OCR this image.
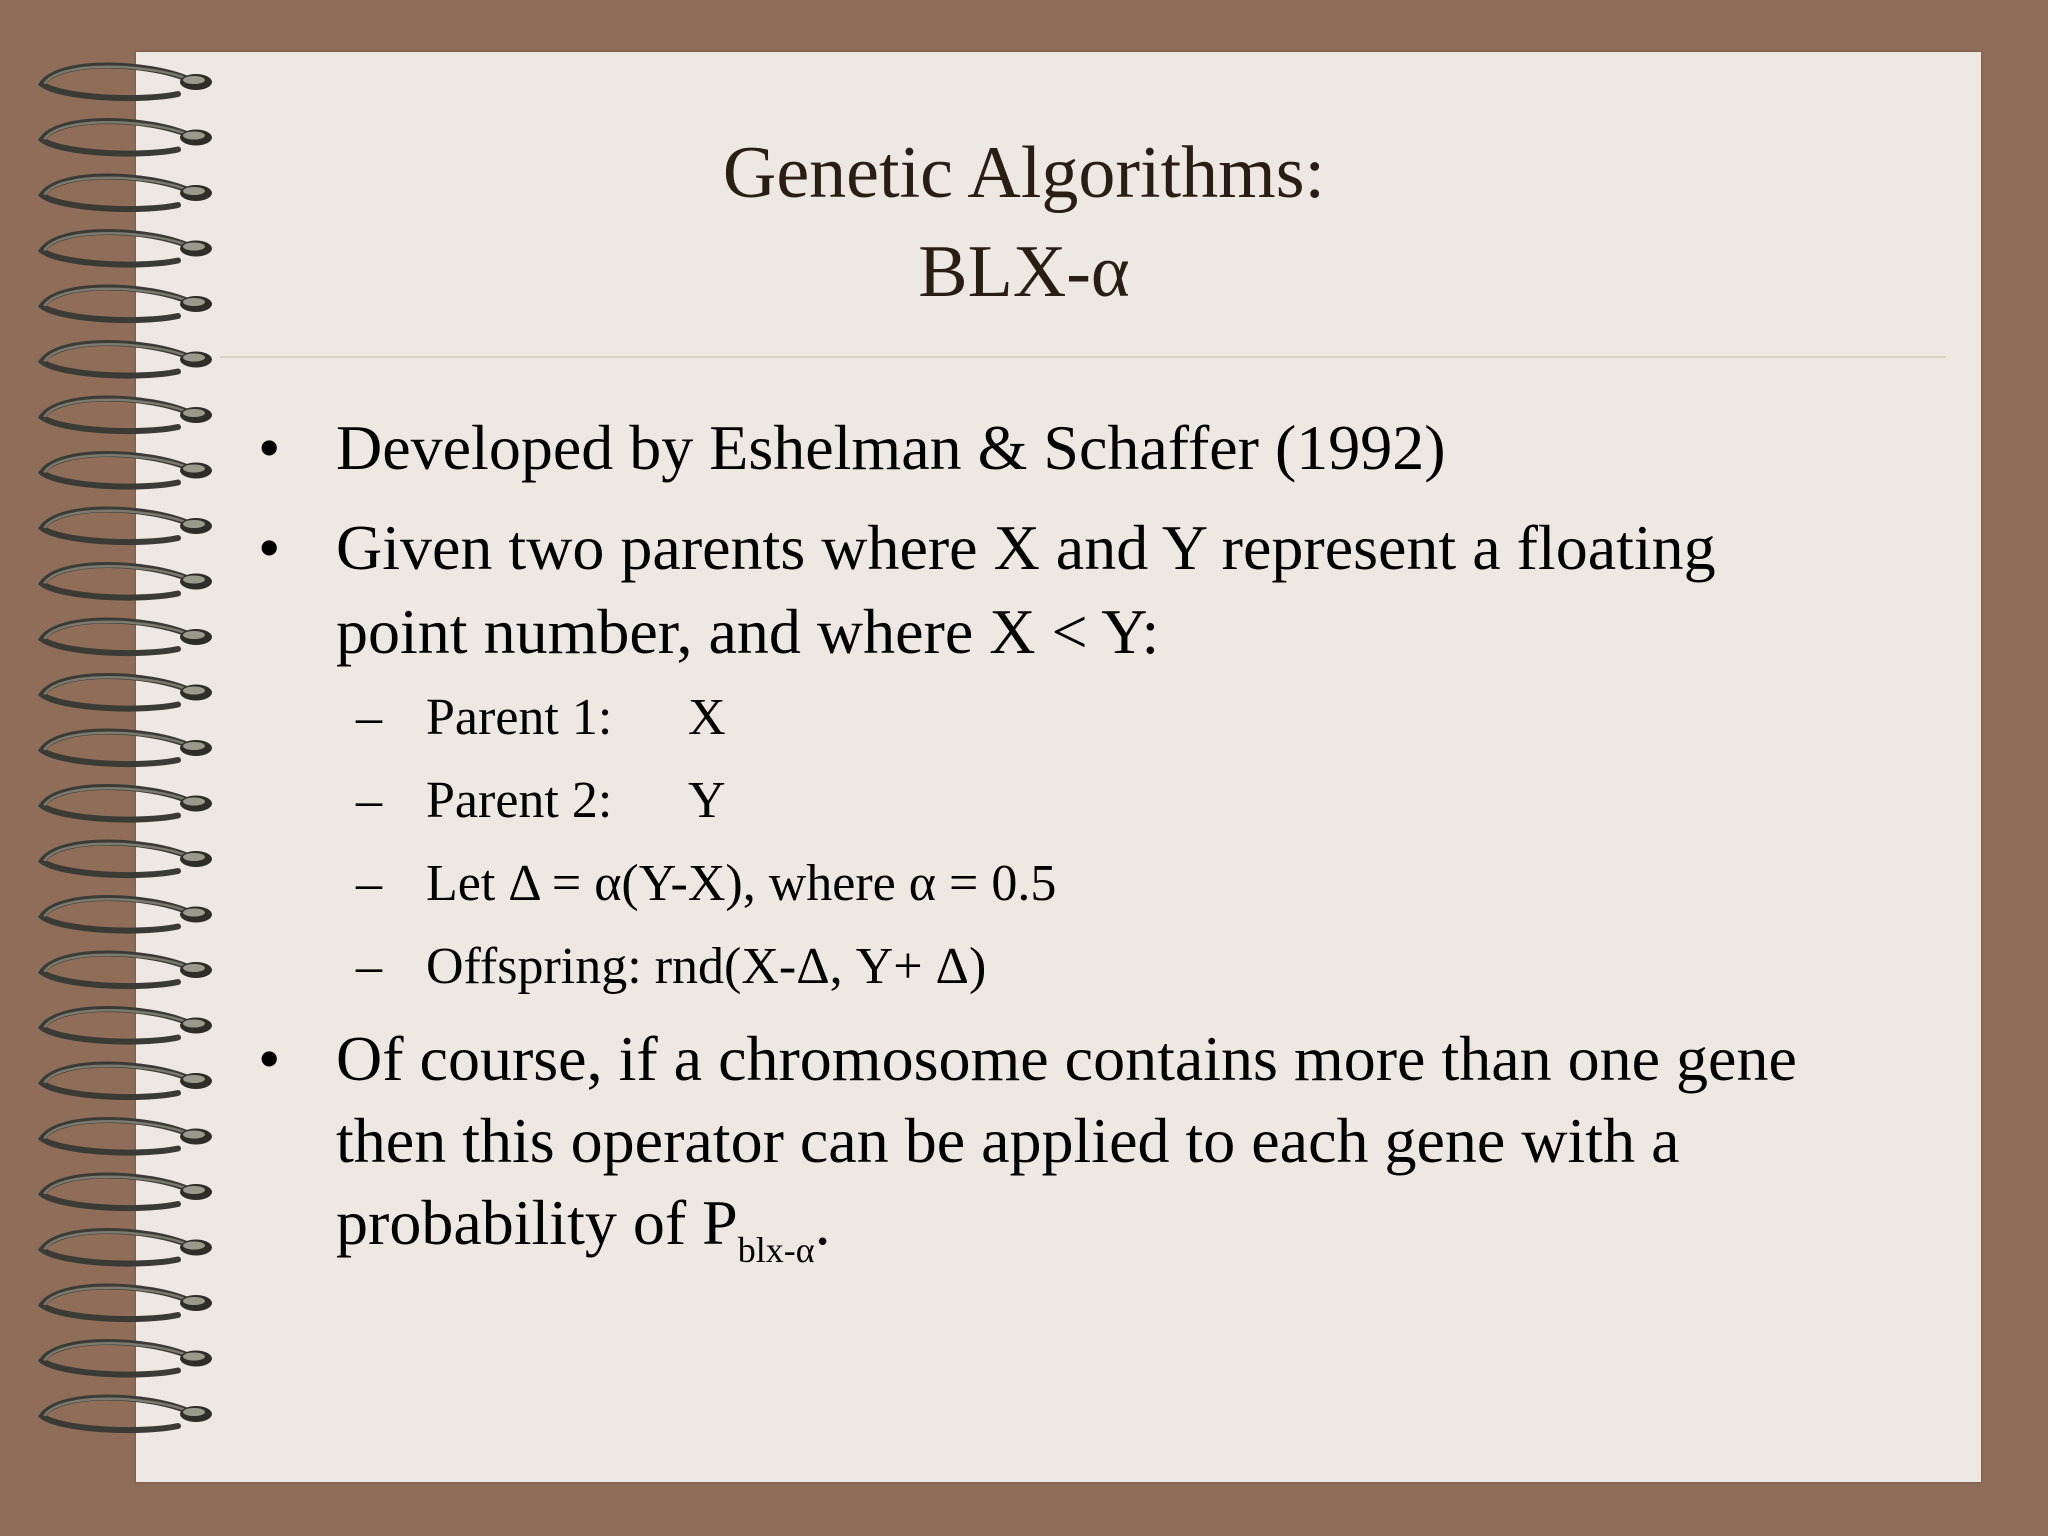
Genetic Algorithms:
BLX-α
• Developed by Eshelman & Schaffer (1992)
• Given two parents where X and Y represent a floating
point number, and where X < Y:
– Parent 1: X
– Parent 2: Y
– Let Δ = α(Y-X), where α = 0.5
– Offspring: rnd(X-Δ, Y+ Δ)
• Of course, if a chromosome contains more than one gene
then this operator can be applied to each gene with a
probability of $P_{blx-\alpha}$.
